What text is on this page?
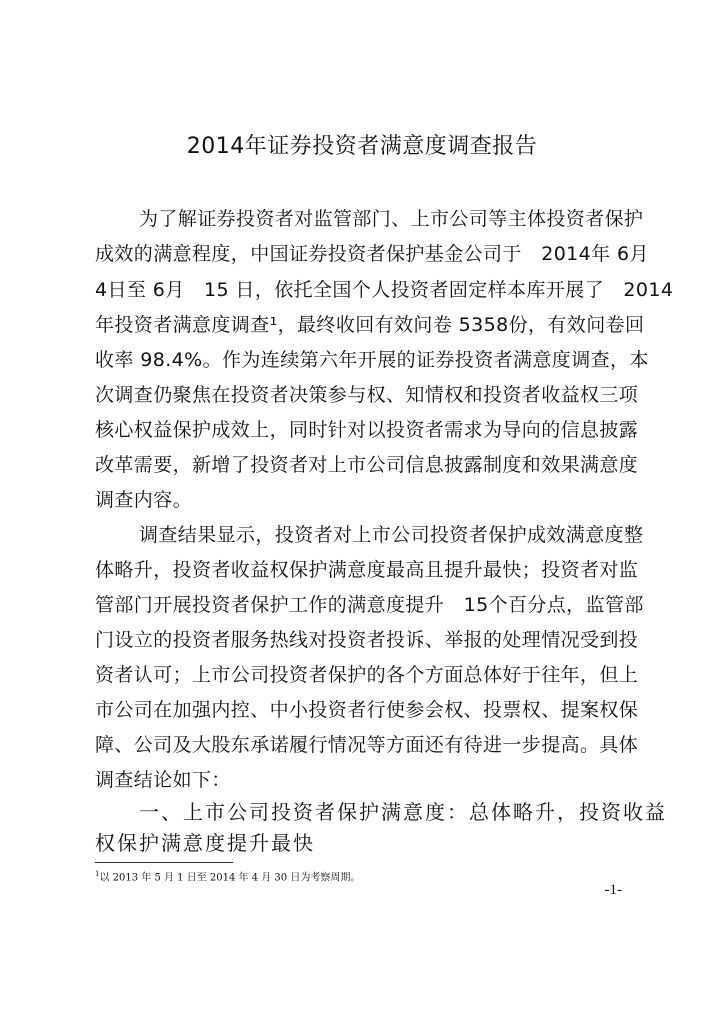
2014年证券投资者满意度调查报告
为了解证券投资者对监管部门、上市公司等主体投资者保护
成效的满意程度，中国证券投资者保护基金公司于　2014年 6月
4日至 6月　15 日，依托全国个人投资者固定样本库开展了　2014
年投资者满意度调查¹，最终收回有效问卷 5358份，有效问卷回
收率 98.4%。作为连续第六年开展的证券投资者满意度调查，本
次调查仍聚焦在投资者决策参与权、知情权和投资者收益权三项
核心权益保护成效上，同时针对以投资者需求为导向的信息披露
改革需要，新增了投资者对上市公司信息披露制度和效果满意度
调查内容。
调查结果显示，投资者对上市公司投资者保护成效满意度整
体略升，投资者收益权保护满意度最高且提升最快；投资者对监
管部门开展投资者保护工作的满意度提升　15个百分点，监管部
门设立的投资者服务热线对投资者投诉、举报的处理情况受到投
资者认可；上市公司投资者保护的各个方面总体好于往年，但上
市公司在加强内控、中小投资者行使参会权、投票权、提案权保
障、公司及大股东承诺履行情况等方面还有待进一步提高。具体
调查结论如下：
一、上市公司投资者保护满意度：总体略升，投资收益
权保护满意度提升最快
$^1$以 2013 年 5 月 1 日至 2014 年 4 月 30 日为考察周期。
-1-
